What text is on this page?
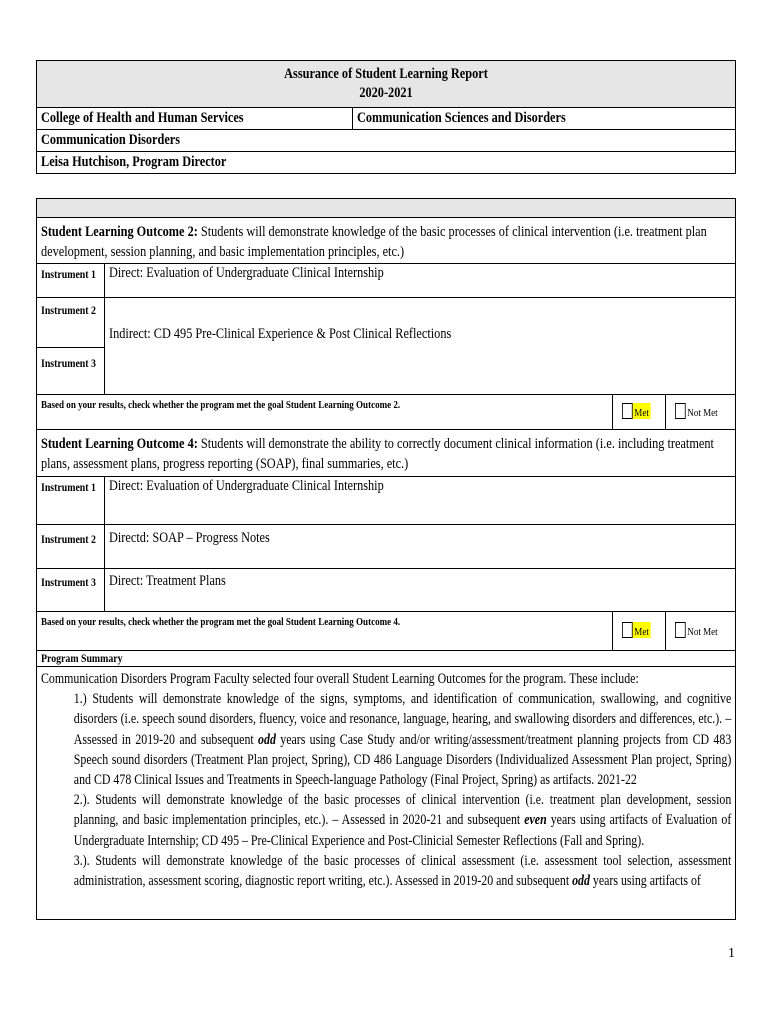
Assurance of Student Learning Report
2020-2021

College of Health and Human Services	Communication Sciences and Disorders
Communication Disorders
Leisa Hutchison, Program Director

Student Learning Outcome 2: Students will demonstrate knowledge of the basic processes of clinical intervention (i.e. treatment plan development, session planning, and basic implementation principles, etc.)			

Instrument 1	Direct: Evaluation of Undergraduate Clinical Internship		
Instrument 2	Indirect: CD 495 Pre-Clinical Experience & Post Clinical Reflections		
Instrument 3			
Based on your results, check whether the program met the goal Student Learning Outcome 2.		Met	Not Met

Student Learning Outcome 4: Students will demonstrate the ability to correctly document clinical information (i.e. including treatment plans, assessment plans, progress reporting (SOAP), final summaries, etc.)			

Instrument 1	Direct: Evaluation of Undergraduate Clinical Internship		
Instrument 2	Directd: SOAP – Progress Notes		
Instrument 3	Direct: Treatment Plans		
Based on your results, check whether the program met the goal Student Learning Outcome 4.		Met	Not Met
Program Summary			

Communication Disorders Program Faculty selected four overall Student Learning Outcomes for the program. These include:

1.) Students will demonstrate knowledge of the signs, symptoms, and identification of communication, swallowing, and cognitive disorders (i.e. speech sound disorders, fluency, voice and resonance, language, hearing, and swallowing disorders and differences, etc.). – Assessed in 2019-20 and subsequent odd years using Case Study and/or writing/assessment/treatment planning projects from CD 483 Speech sound disorders (Treatment Plan project, Spring), CD 486 Language Disorders (Individualized Assessment Plan project, Spring) and CD 478 Clinical Issues and Treatments in Speech-language Pathology (Final Project, Spring) as artifacts. 2021-22

2.). Students will demonstrate knowledge of the basic processes of clinical intervention (i.e. treatment plan development, session planning, and basic implementation principles, etc.). – Assessed in 2020-21 and subsequent even years using artifacts of Evaluation of Undergraduate Internship; CD 495 – Pre-Clinical Experience and Post-Clinicial Semester Reflections (Fall and Spring).

3.). Students will demonstrate knowledge of the basic processes of clinical assessment (i.e. assessment tool selection, assessment administration, assessment scoring, diagnostic report writing, etc.). Assessed in 2019-20 and subsequent odd years using artifacts of			

1
